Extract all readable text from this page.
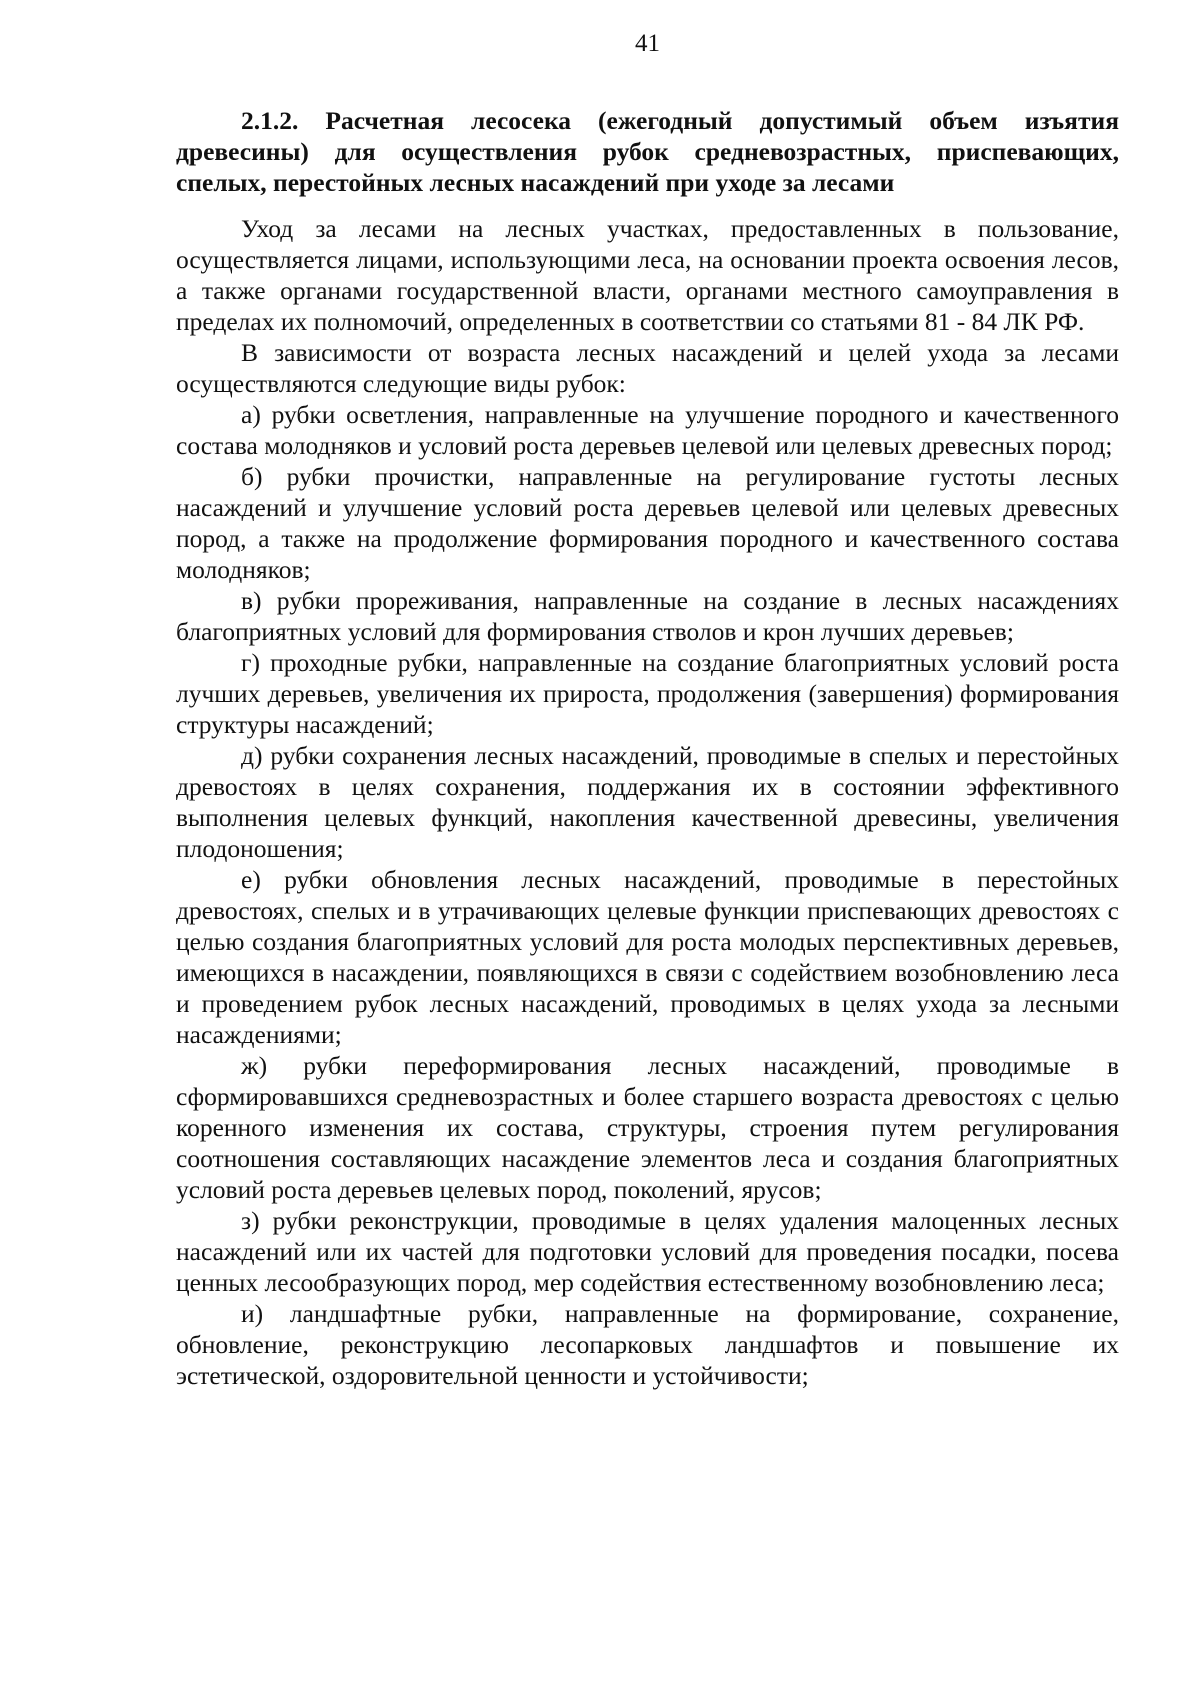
41

2.1.2. Расчетная лесосека (ежегодный допустимый объем изъятия древесины) для осуществления рубок средневозрастных, приспевающих, спелых, перестойных лесных насаждений при уходе за лесами

Уход за лесами на лесных участках, предоставленных в пользование, осуществляется лицами, использующими леса, на основании проекта освоения лесов, а также органами государственной власти, органами местного самоуправления в пределах их полномочий, определенных в соответствии со статьями 81 - 84 ЛК РФ.

В зависимости от возраста лесных насаждений и целей ухода за лесами осуществляются следующие виды рубок:

а) рубки осветления, направленные на улучшение породного и качественного состава молодняков и условий роста деревьев целевой или целевых древесных пород;

б) рубки прочистки, направленные на регулирование густоты лесных насаждений и улучшение условий роста деревьев целевой или целевых древесных пород, а также на продолжение формирования породного и качественного состава молодняков;

в) рубки прореживания, направленные на создание в лесных насаждениях благоприятных условий для формирования стволов и крон лучших деревьев;

г) проходные рубки, направленные на создание благоприятных условий роста лучших деревьев, увеличения их прироста, продолжения (завершения) формирования структуры насаждений;

д) рубки сохранения лесных насаждений, проводимые в спелых и перестойных древостоях в целях сохранения, поддержания их в состоянии эффективного выполнения целевых функций, накопления качественной древесины, увеличения плодоношения;

е) рубки обновления лесных насаждений, проводимые в перестойных древостоях, спелых и в утрачивающих целевые функции приспевающих древостоях с целью создания благоприятных условий для роста молодых перспективных деревьев, имеющихся в насаждении, появляющихся в связи с содействием возобновлению леса и проведением рубок лесных насаждений, проводимых в целях ухода за лесными насаждениями;

ж) рубки переформирования лесных насаждений, проводимые в сформировавшихся средневозрастных и более старшего возраста древостоях с целью коренного изменения их состава, структуры, строения путем регулирования соотношения составляющих насаждение элементов леса и создания благоприятных условий роста деревьев целевых пород, поколений, ярусов;

з) рубки реконструкции, проводимые в целях удаления малоценных лесных насаждений или их частей для подготовки условий для проведения посадки, посева ценных лесообразующих пород, мер содействия естественному возобновлению леса;

и) ландшафтные рубки, направленные на формирование, сохранение, обновление, реконструкцию лесопарковых ландшафтов и повышение их эстетической, оздоровительной ценности и устойчивости;
